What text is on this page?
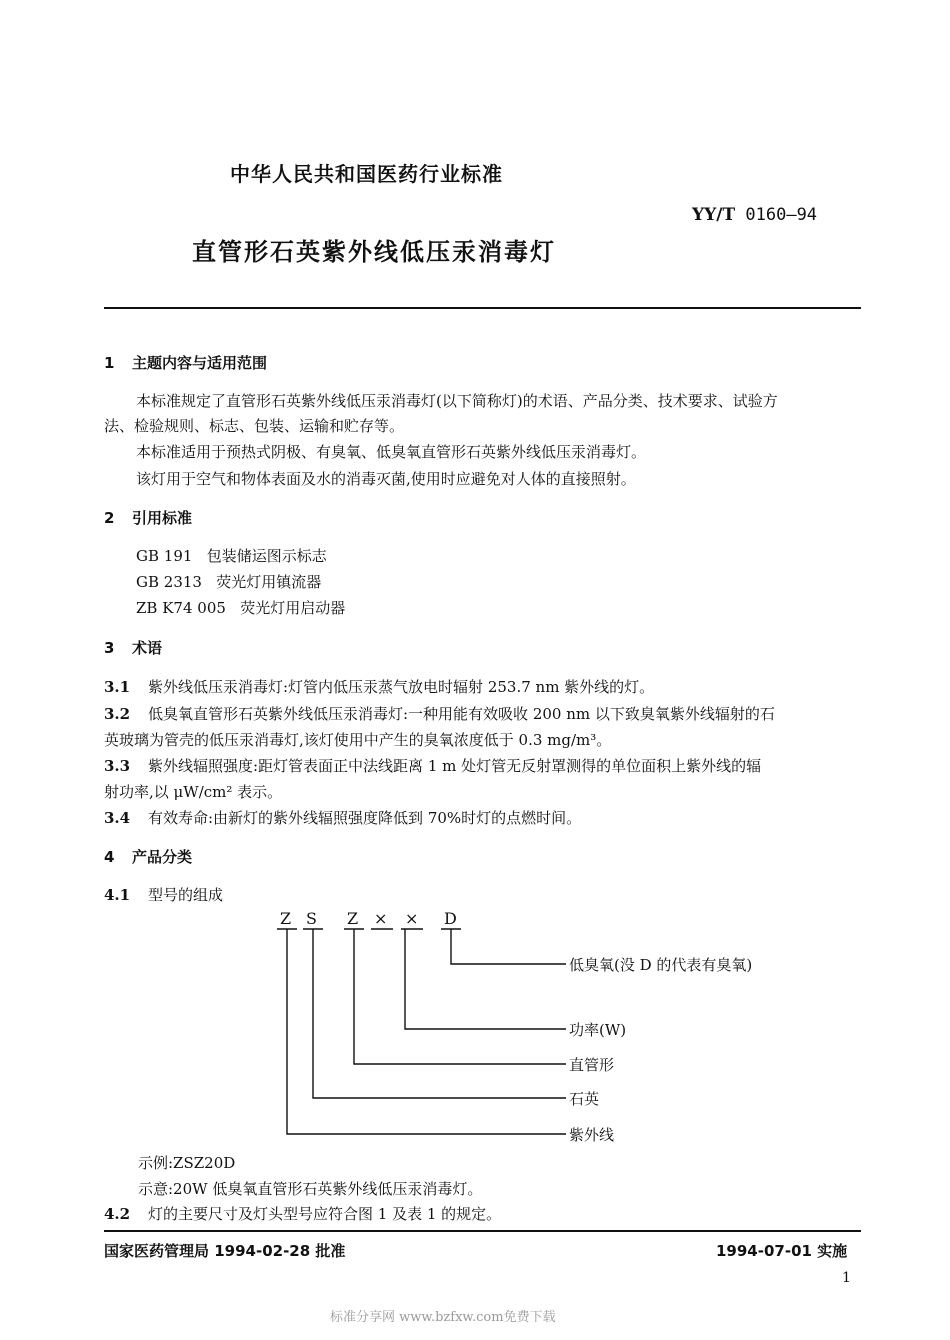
中华人民共和国医药行业标准
YY/T 0160—94
直管形石英紫外线低压汞消毒灯
1 主题内容与适用范围
本标准规定了直管形石英紫外线低压汞消毒灯(以下简称灯)的术语、产品分类、技术要求、试验方
法、检验规则、标志、包装、运输和贮存等。
本标准适用于预热式阴极、有臭氧、低臭氧直管形石英紫外线低压汞消毒灯。
该灯用于空气和物体表面及水的消毒灭菌,使用时应避免对人体的直接照射。
2 引用标准
GB 191 包装储运图示标志
GB 2313 荧光灯用镇流器
ZB K74 005 荧光灯用启动器
3 术语
3.1 紫外线低压汞消毒灯:灯管内低压汞蒸气放电时辐射 253.7 nm 紫外线的灯。
3.2 低臭氧直管形石英紫外线低压汞消毒灯:一种用能有效吸收 200 nm 以下致臭氧紫外线辐射的石
英玻璃为管壳的低压汞消毒灯,该灯使用中产生的臭氧浓度低于 0.3 mg/m³。
3.3 紫外线辐照强度:距灯管表面正中法线距离 1 m 处灯管无反射罩测得的单位面积上紫外线的辐
射功率,以 μW/cm² 表示。
3.4 有效寿命:由新灯的紫外线辐照强度降低到 70%时灯的点燃时间。
4 产品分类
4.1 型号的组成
Z S Z × × D
低臭氧(没 D 的代表有臭氧)
功率(W)
直管形
石英
紫外线
示例:ZSZ20D
示意:20W 低臭氧直管形石英紫外线低压汞消毒灯。
4.2 灯的主要尺寸及灯头型号应符合图 1 及表 1 的规定。
国家医药管理局 1994-02-28 批准	1994-07-01 实施
1
标准分享网 www.bzfxw.com免费下载
